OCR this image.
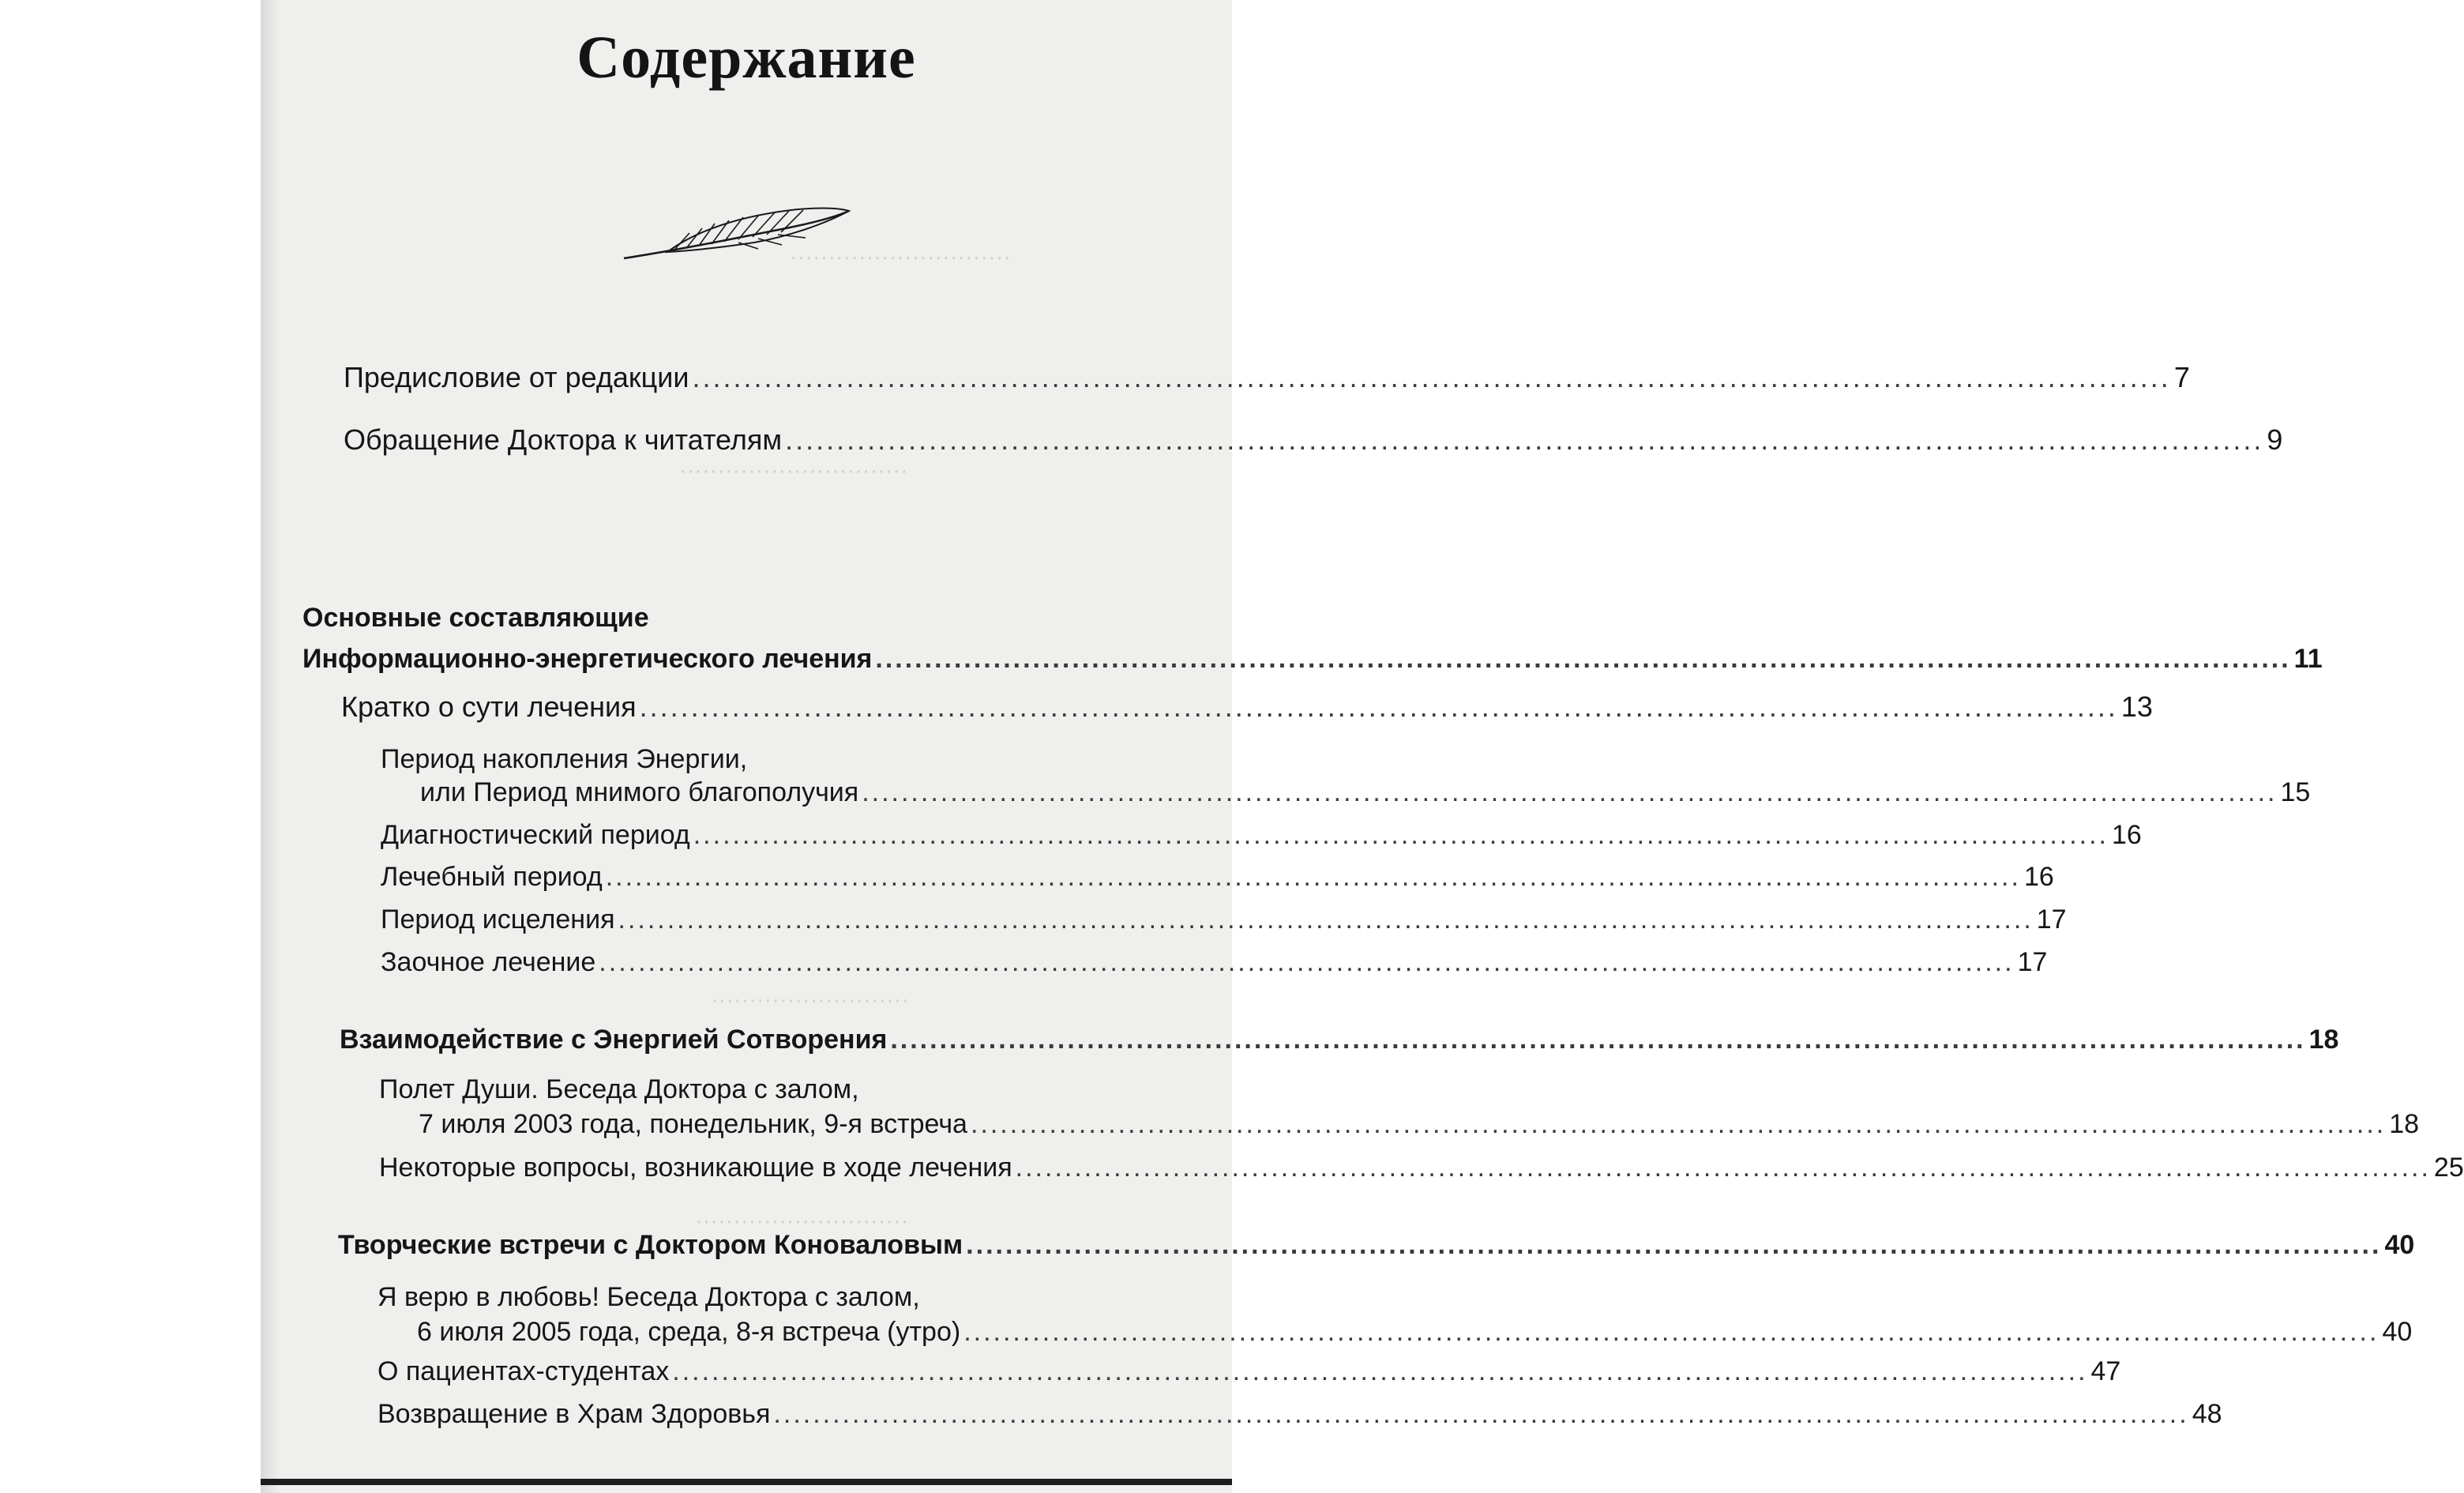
·····························
······························
··························
····························
Содержание
Предисловие от редакции ................................................................................................................................................ 7
Обращение Доктора к читателям ................................................................................................................................................ 9
Основные составляющие
Информационно-энергетического лечения ................................................................................................................................................ 11
Кратко о сути лечения ................................................................................................................................................ 13
Период накопления Энергии,
или Период мнимого благополучия ................................................................................................................................................ 15
Диагностический период ................................................................................................................................................ 16
Лечебный период ................................................................................................................................................ 16
Период исцеления ................................................................................................................................................ 17
Заочное лечение ................................................................................................................................................ 17
Взаимодействие с Энергией Сотворения ................................................................................................................................................ 18
Полет Души. Беседа Доктора с залом,
7 июля 2003 года, понедельник, 9-я встреча ................................................................................................................................................ 18
Некоторые вопросы, возникающие в ходе лечения ................................................................................................................................................ 25
Творческие встречи с Доктором Коноваловым ................................................................................................................................................ 40
Я верю в любовь! Беседа Доктора с залом,
6 июля 2005 года, среда, 8-я встреча (утро) ................................................................................................................................................ 40
О пациентах-студентах ................................................................................................................................................ 47
Возвращение в Храм Здоровья ................................................................................................................................................ 48
